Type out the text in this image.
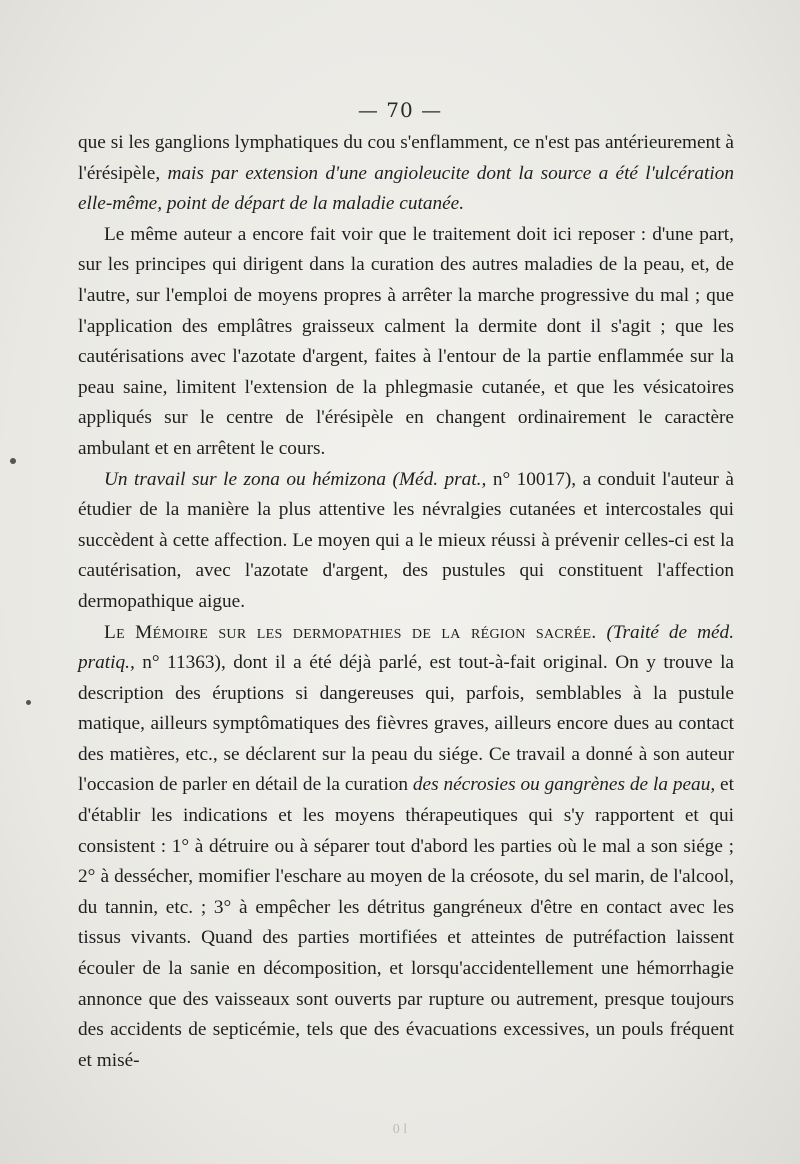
— 70 —

que si les ganglions lymphatiques du cou s'enflamment, ce n'est pas antérieurement à l'érésipèle, mais par extension d'une angioleucite dont la source a été l'ulcération elle-même, point de départ de la maladie cutanée.

Le même auteur a encore fait voir que le traitement doit ici reposer : d'une part, sur les principes qui dirigent dans la curation des autres maladies de la peau, et, de l'autre, sur l'emploi de moyens propres à arrêter la marche progressive du mal ; que l'application des emplâtres graisseux calment la dermite dont il s'agit ; que les cautérisations avec l'azotate d'argent, faites à l'entour de la partie enflammée sur la peau saine, limitent l'extension de la phlegmasie cutanée, et que les vésicatoires appliqués sur le centre de l'érésipèle en changent ordinairement le caractère ambulant et en arrêtent le cours.

Un travail sur le zona ou hémizona (Méd. prat., n° 10017), a conduit l'auteur à étudier de la manière la plus attentive les névralgies cutanées et intercostales qui succèdent à cette affection. Le moyen qui a le mieux réussi à prévenir celles-ci est la cautérisation, avec l'azotate d'argent, des pustules qui constituent l'affection dermopathique aigue.

Le Mémoire sur les dermopathies de la région sacrée. (Traité de méd. pratiq., n° 11363), dont il a été déjà parlé, est tout-à-fait original. On y trouve la description des éruptions si dangereuses qui, parfois, semblables à la pustule matique, ailleurs symptômatiques des fièvres graves, ailleurs encore dues au contact des matières, etc., se déclarent sur la peau du siége. Ce travail a donné à son auteur l'occasion de parler en détail de la curation des nécrosies ou gangrènes de la peau, et d'établir les indications et les moyens thérapeutiques qui s'y rapportent et qui consistent : 1° à détruire ou à séparer tout d'abord les parties où le mal a son siége ; 2° à dessécher, momifier l'eschare au moyen de la créosote, du sel marin, de l'alcool, du tannin, etc. ; 3° à empêcher les détritus gangréneux d'être en contact avec les tissus vivants. Quand des parties mortifiées et atteintes de putréfaction laissent écouler de la sanie en décomposition, et lorsqu'accidentellement une hémorrhagie annonce que des vaisseaux sont ouverts par rupture ou autrement, presque toujours des accidents de septicémie, tels que des évacuations excessives, un pouls fréquent et misé-

0 l
